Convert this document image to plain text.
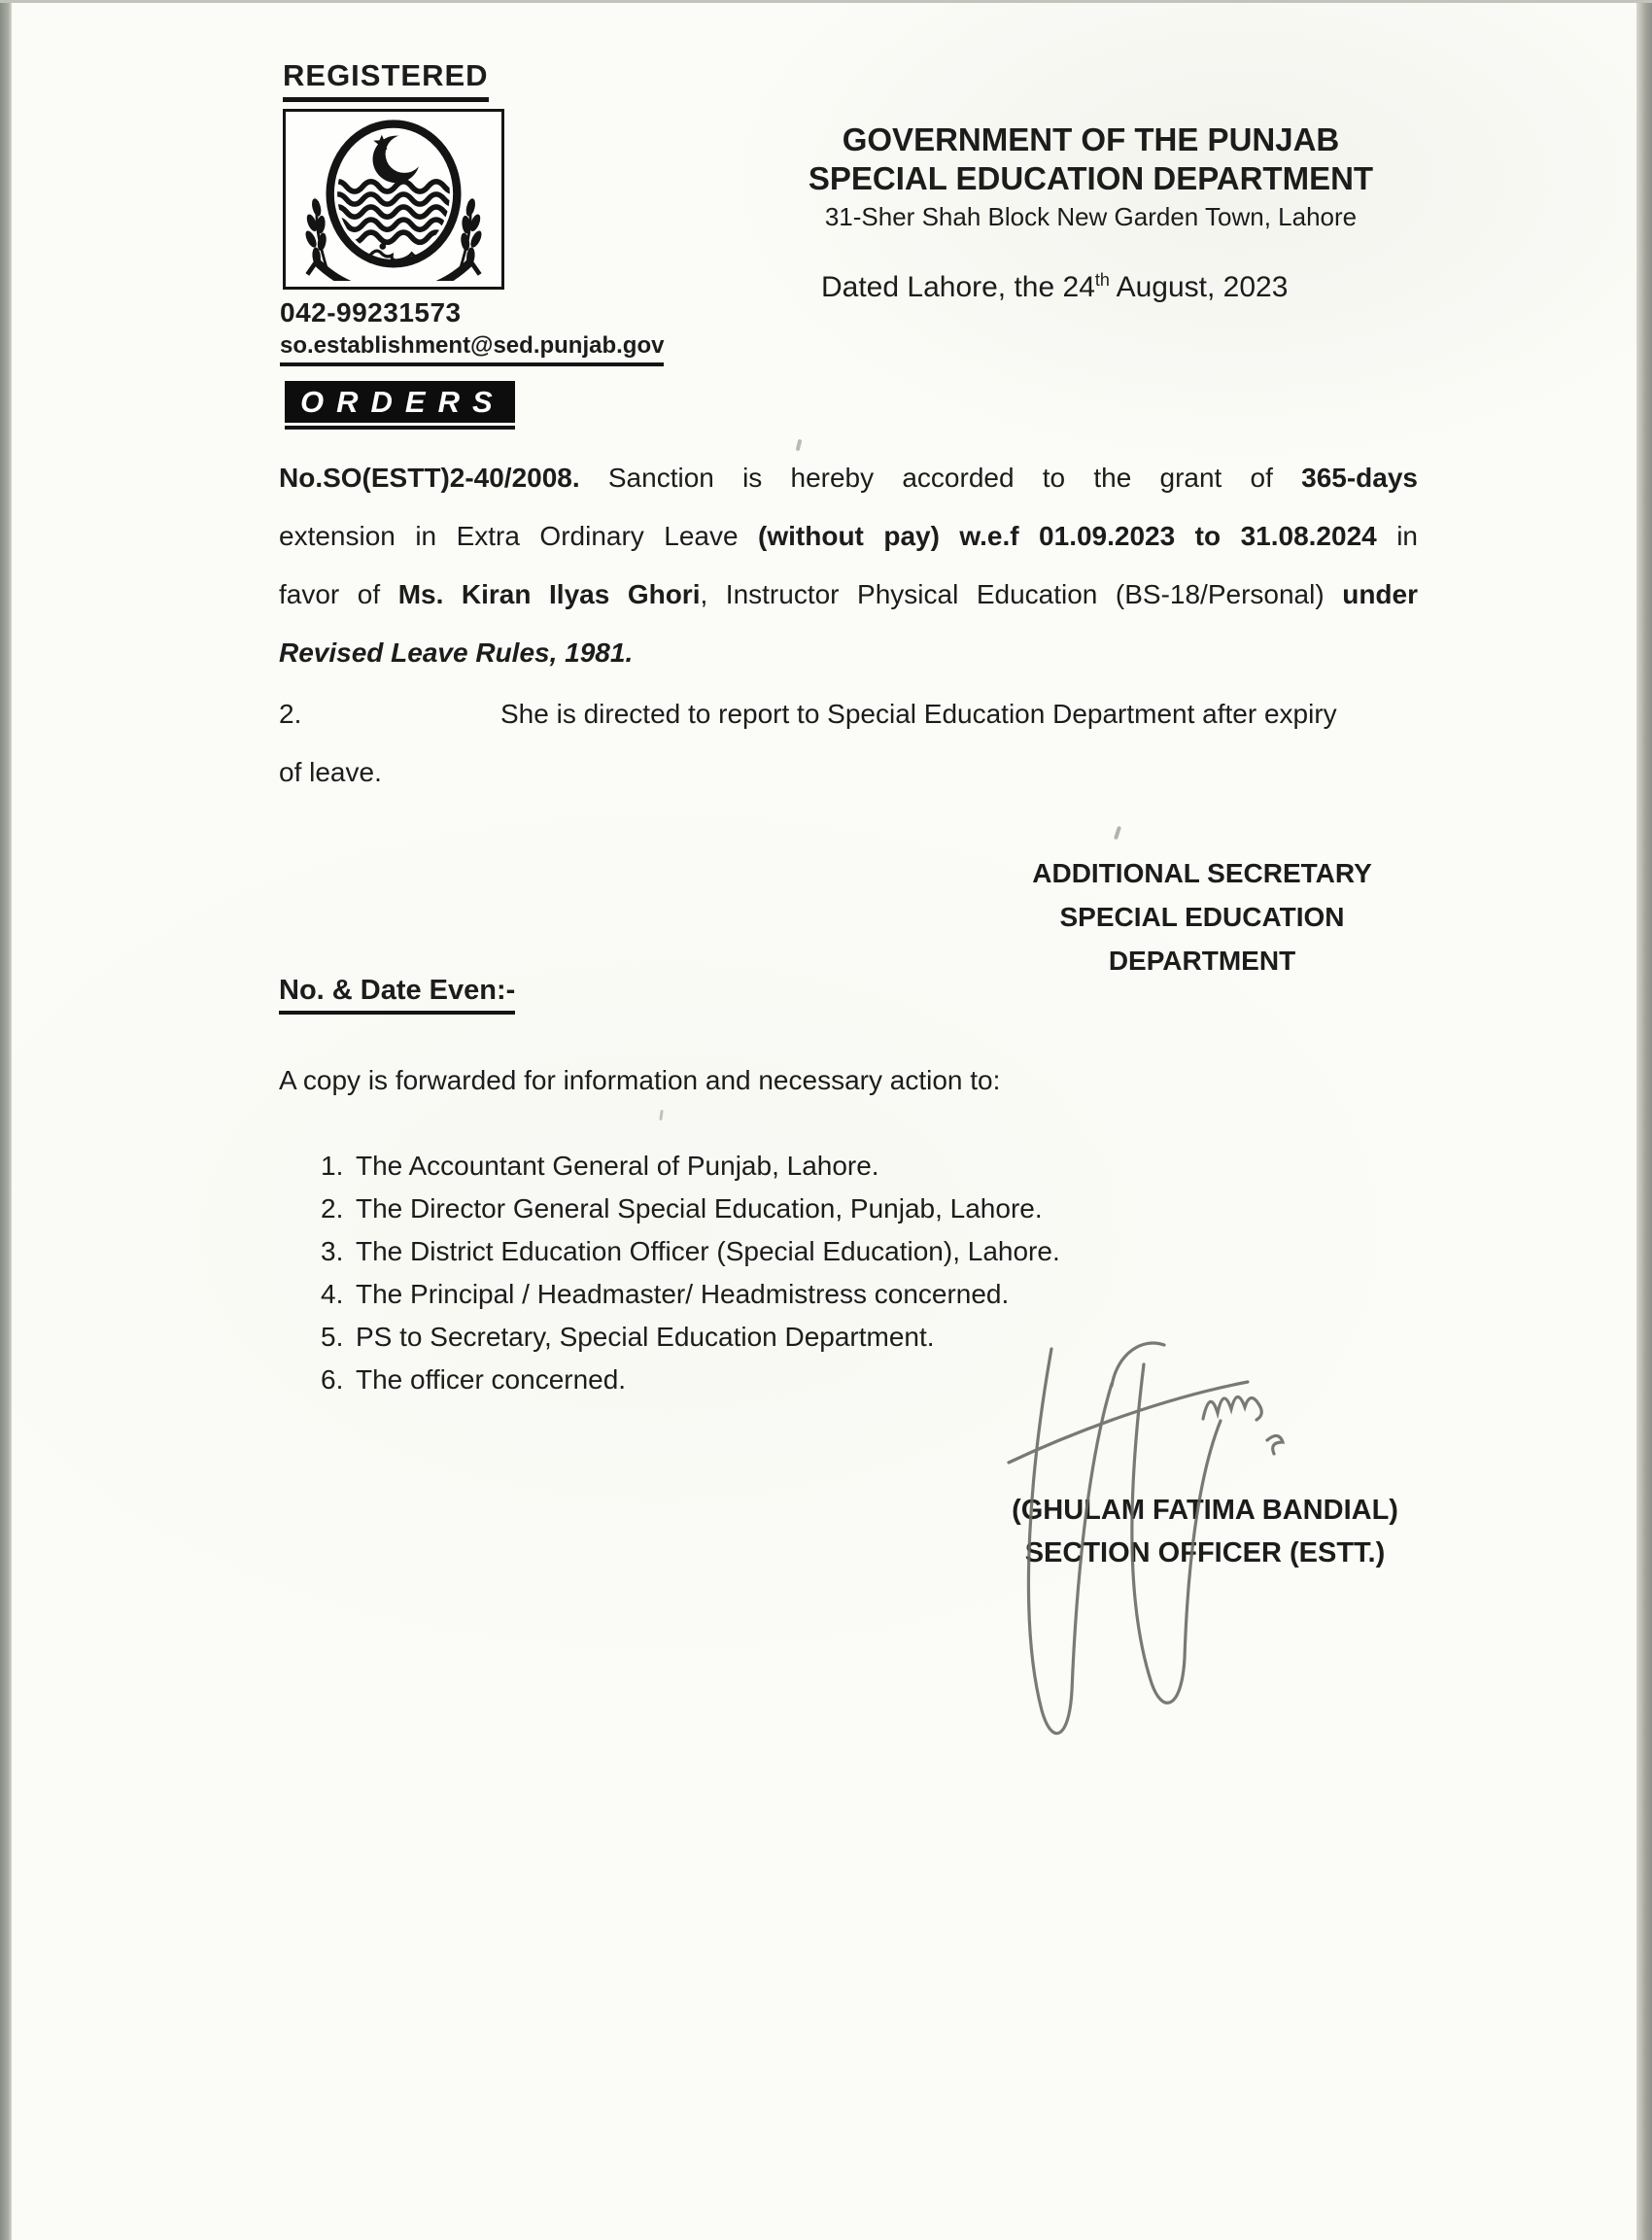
REGISTERED
042-99231573
so.establishment@sed.punjab.gov
GOVERNMENT OF THE PUNJAB
SPECIAL EDUCATION DEPARTMENT
31-Sher Shah Block New Garden Town, Lahore
Dated Lahore, the 24th August, 2023
ORDERS
No.SO(ESTT)2-40/2008. Sanction is hereby accorded to the grant of 365-days
extension in Extra Ordinary Leave (without pay) w.e.f 01.09.2023 to 31.08.2024 in
favor of Ms. Kiran Ilyas Ghori, Instructor Physical Education (BS-18/Personal) under
Revised Leave Rules, 1981.
2.	She is directed to report to Special Education Department after expiry
of leave.
ADDITIONAL SECRETARY
SPECIAL EDUCATION
DEPARTMENT
No. & Date Even:-
A copy is forwarded for information and necessary action to:
1. The Accountant General of Punjab, Lahore.
2. The Director General Special Education, Punjab, Lahore.
3. The District Education Officer (Special Education), Lahore.
4. The Principal / Headmaster/ Headmistress concerned.
5. PS to Secretary, Special Education Department.
6. The officer concerned.
(GHULAM FATIMA BANDIAL)
SECTION OFFICER (ESTT.)
